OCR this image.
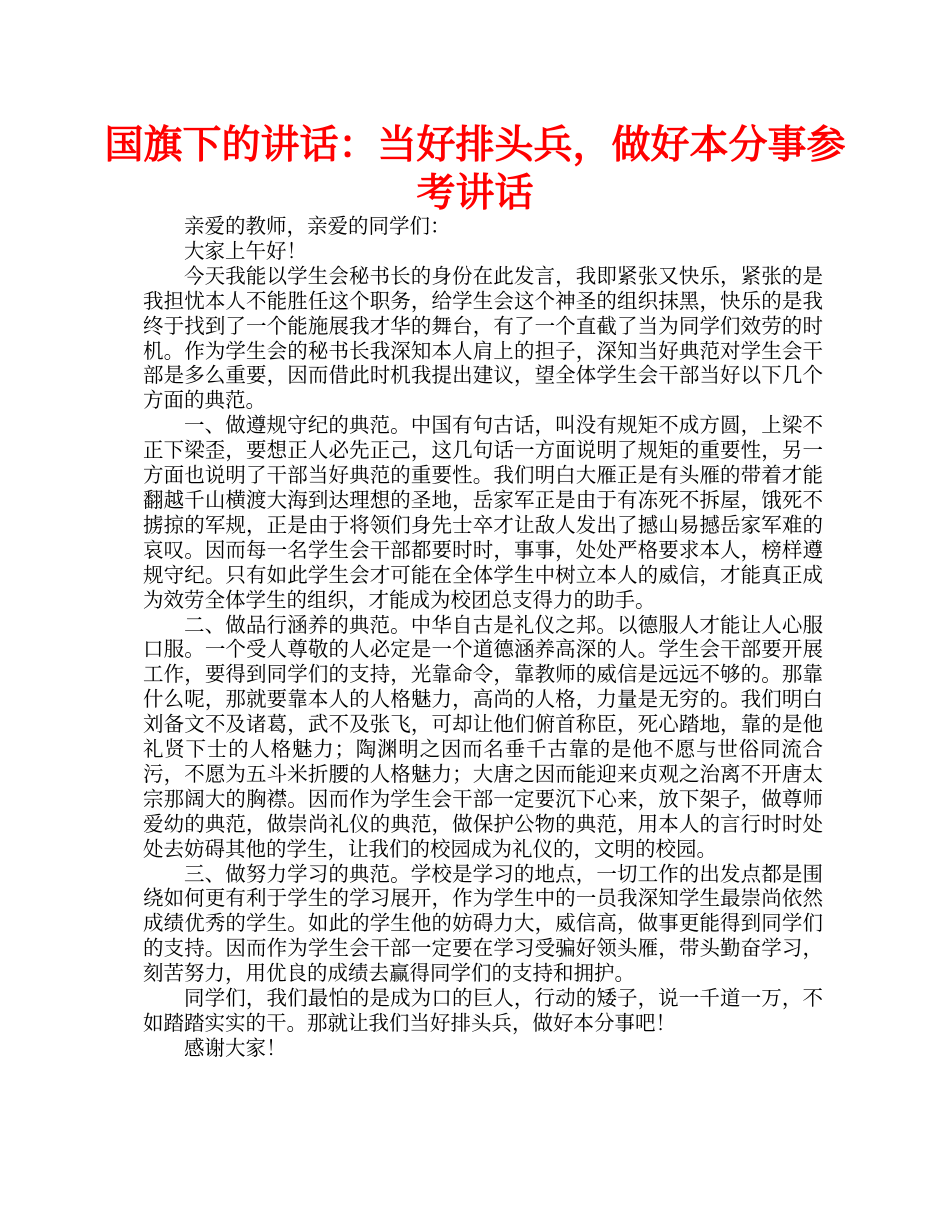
国旗下的讲话：当好排头兵，做好本分事参考讲话

亲爱的教师，亲爱的同学们：

大家上午好！

今天我能以学生会秘书长的身份在此发言，我即紧张又快乐，紧张的是我担忧本人不能胜任这个职务，给学生会这个神圣的组织抹黑，快乐的是我终于找到了一个能施展我才华的舞台，有了一个直截了当为同学们效劳的时机。作为学生会的秘书长我深知本人肩上的担子，深知当好典范对学生会干部是多么重要，因而借此时机我提出建议，望全体学生会干部当好以下几个方面的典范。

一、做遵规守纪的典范。中国有句古话，叫没有规矩不成方圆，上梁不正下梁歪，要想正人必先正己，这几句话一方面说明了规矩的重要性，另一方面也说明了干部当好典范的重要性。我们明白大雁正是有头雁的带着才能翻越千山横渡大海到达理想的圣地，岳家军正是由于有冻死不拆屋，饿死不掳掠的军规，正是由于将领们身先士卒才让敌人发出了撼山易撼岳家军难的哀叹。因而每一名学生会干部都要时时，事事，处处严格要求本人，榜样遵规守纪。只有如此学生会才可能在全体学生中树立本人的威信，才能真正成为效劳全体学生的组织，才能成为校团总支得力的助手。

二、做品行涵养的典范。中华自古是礼仪之邦。以德服人才能让人心服口服。一个受人尊敬的人必定是一个道德涵养高深的人。学生会干部要开展工作，要得到同学们的支持，光靠命令，靠教师的威信是远远不够的。那靠什么呢，那就要靠本人的人格魅力，高尚的人格，力量是无穷的。我们明白刘备文不及诸葛，武不及张飞，可却让他们俯首称臣，死心踏地，靠的是他礼贤下士的人格魅力；陶渊明之因而名垂千古靠的是他不愿与世俗同流合污，不愿为五斗米折腰的人格魅力；大唐之因而能迎来贞观之治离不开唐太宗那阔大的胸襟。因而作为学生会干部一定要沉下心来，放下架子，做尊师爱幼的典范，做崇尚礼仪的典范，做保护公物的典范，用本人的言行时时处处去妨碍其他的学生，让我们的校园成为礼仪的，文明的校园。

三、做努力学习的典范。学校是学习的地点，一切工作的出发点都是围绕如何更有利于学生的学习展开，作为学生中的一员我深知学生最崇尚依然成绩优秀的学生。如此的学生他的妨碍力大，威信高，做事更能得到同学们的支持。因而作为学生会干部一定要在学习受骗好领头雁，带头勤奋学习，刻苦努力，用优良的成绩去赢得同学们的支持和拥护。

同学们，我们最怕的是成为口的巨人，行动的矮子，说一千道一万，不如踏踏实实的干。那就让我们当好排头兵，做好本分事吧！

感谢大家！
